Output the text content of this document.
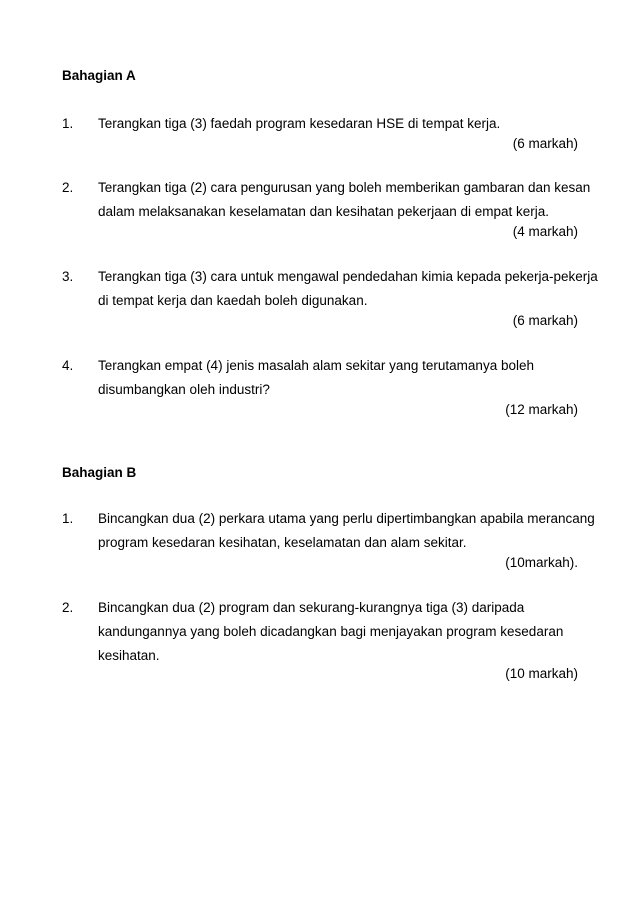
Bahagian A
1. Terangkan tiga (3) faedah program kesedaran HSE di tempat kerja.
(6 markah)
2. Terangkan tiga (2) cara pengurusan yang boleh memberikan gambaran dan kesan
dalam melaksanakan keselamatan dan kesihatan pekerjaan di empat kerja.
(4 markah)
3. Terangkan tiga (3) cara untuk mengawal pendedahan kimia kepada pekerja-pekerja
di tempat kerja dan kaedah boleh digunakan.
(6 markah)
4. Terangkan empat (4) jenis masalah alam sekitar yang terutamanya boleh
disumbangkan oleh industri?
(12 markah)
Bahagian B
1. Bincangkan dua (2) perkara utama yang perlu dipertimbangkan apabila merancang
program kesedaran kesihatan, keselamatan dan alam sekitar.
(10markah).
2. Bincangkan dua (2) program dan sekurang-kurangnya tiga (3) daripada
kandungannya yang boleh dicadangkan bagi menjayakan program kesedaran
kesihatan.
(10 markah)
